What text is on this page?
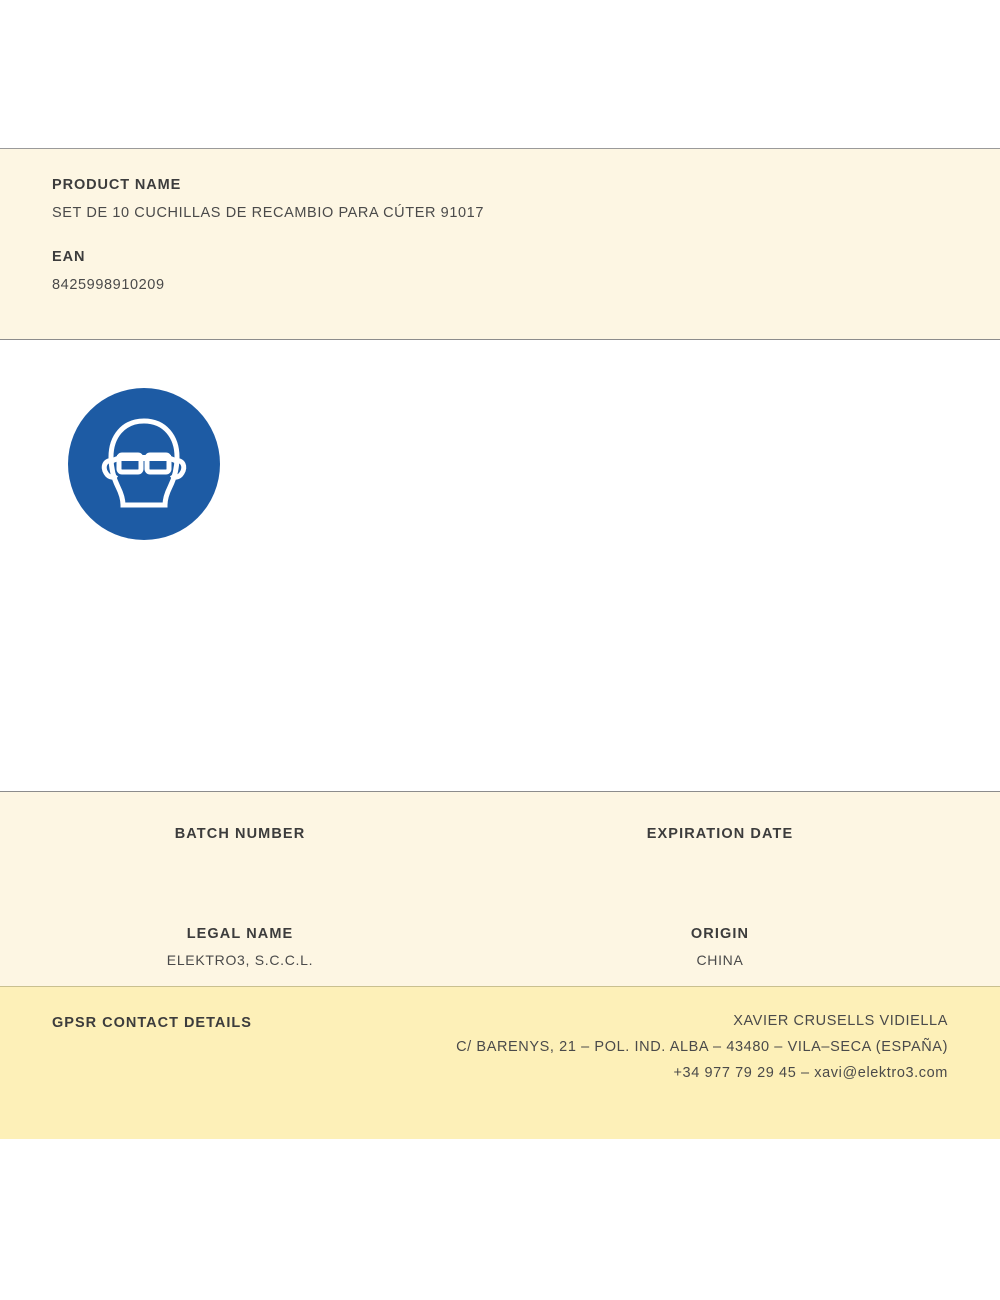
PRODUCT NAME

SET DE 10 CUCHILLAS DE RECAMBIO PARA CÚTER 91017

EAN

8425998910209

BATCH NUMBER	EXPIRATION DATE

LEGAL NAME

ELEKTRO3, S.C.C.L.

ORIGIN

CHINA

GPSR CONTACT DETAILS	XAVIER CRUSELLS VIDIELLA

C/ BARENYS, 21 – POL. IND. ALBA – 43480 – VILA–SECA (ESPAÑA)

+34 977 79 29 45 – xavi@elektro3.com
